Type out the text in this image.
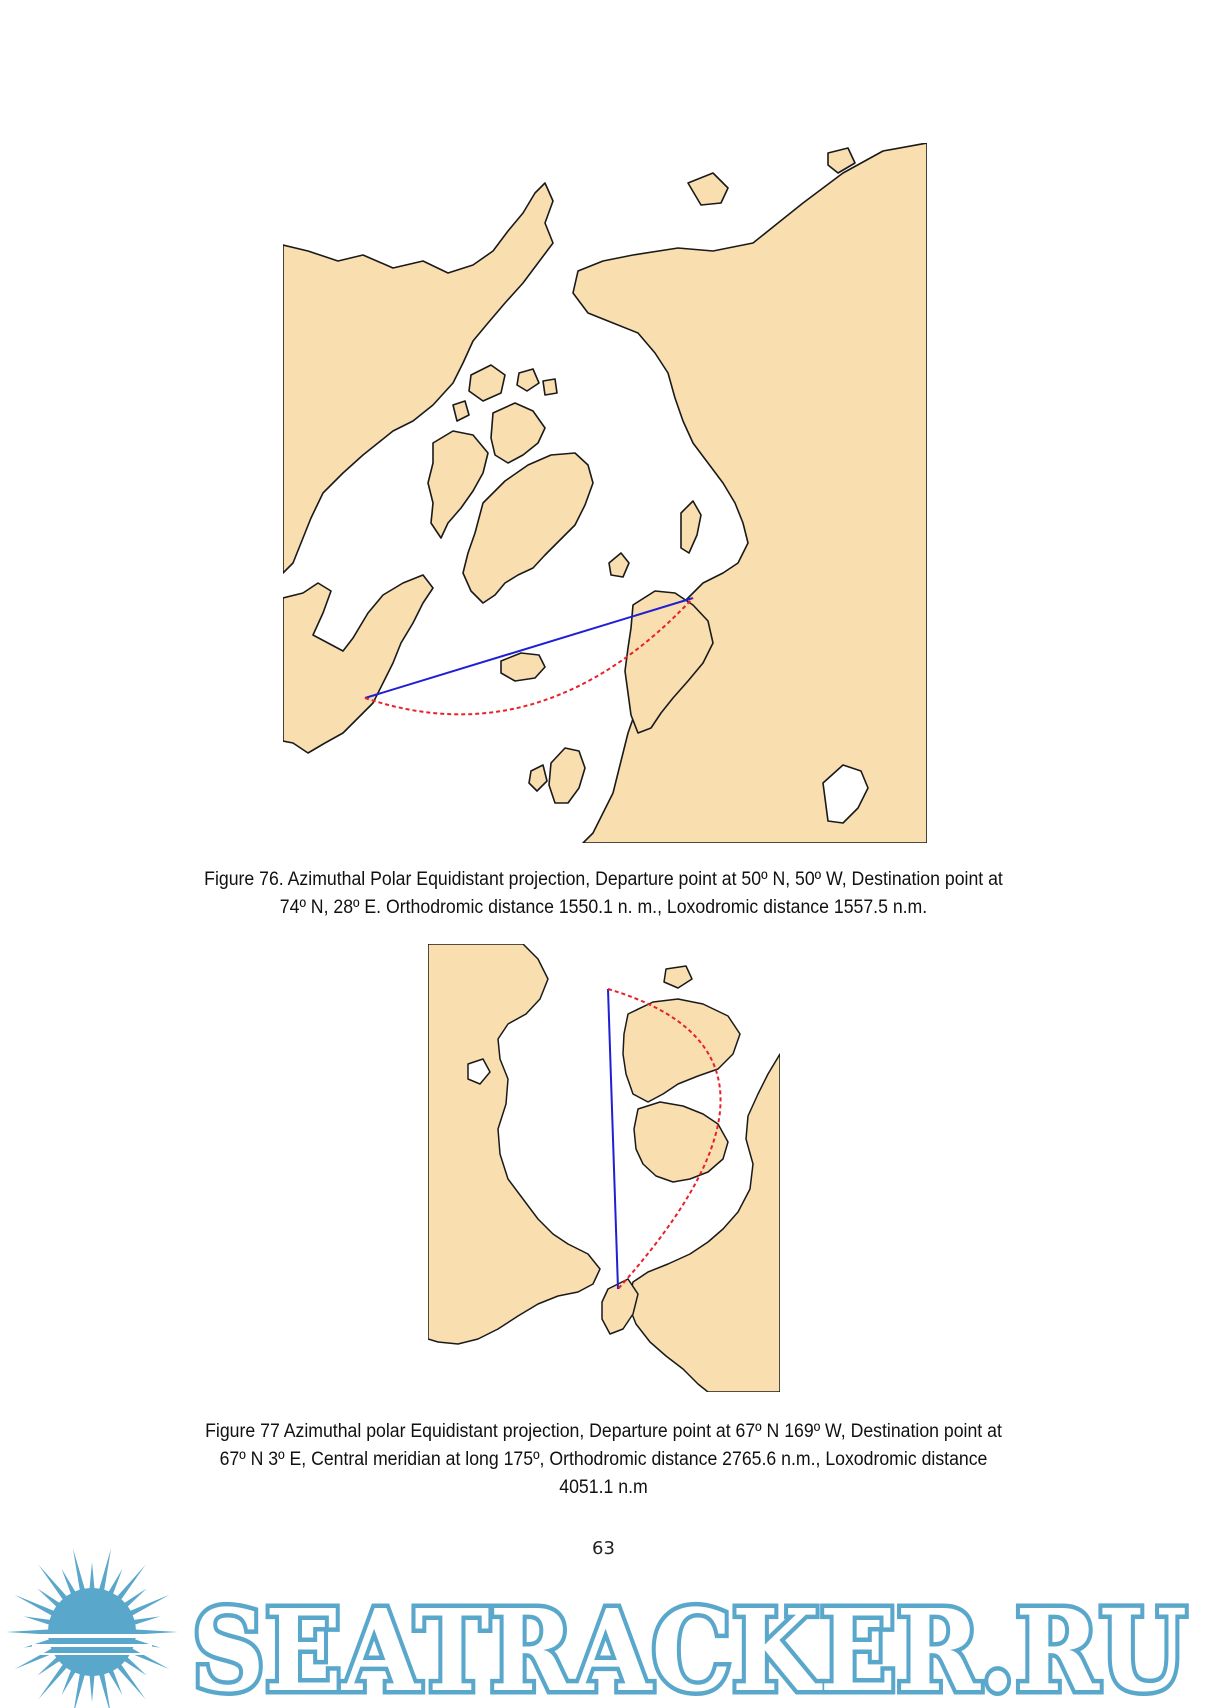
Figure 76. Azimuthal Polar Equidistant projection, Departure point at 50º N, 50º W, Destination point at
74º N, 28º E. Orthodromic distance 1550.1 n. m., Loxodromic distance 1557.5 n.m.
Figure 77 Azimuthal polar Equidistant projection, Departure point at 67º N 169º W, Destination point at
67º N 3º E, Central meridian at long 175º, Orthodromic distance 2765.6 n.m., Loxodromic distance
4051.1 n.m
63
SEATRACKER.RU
